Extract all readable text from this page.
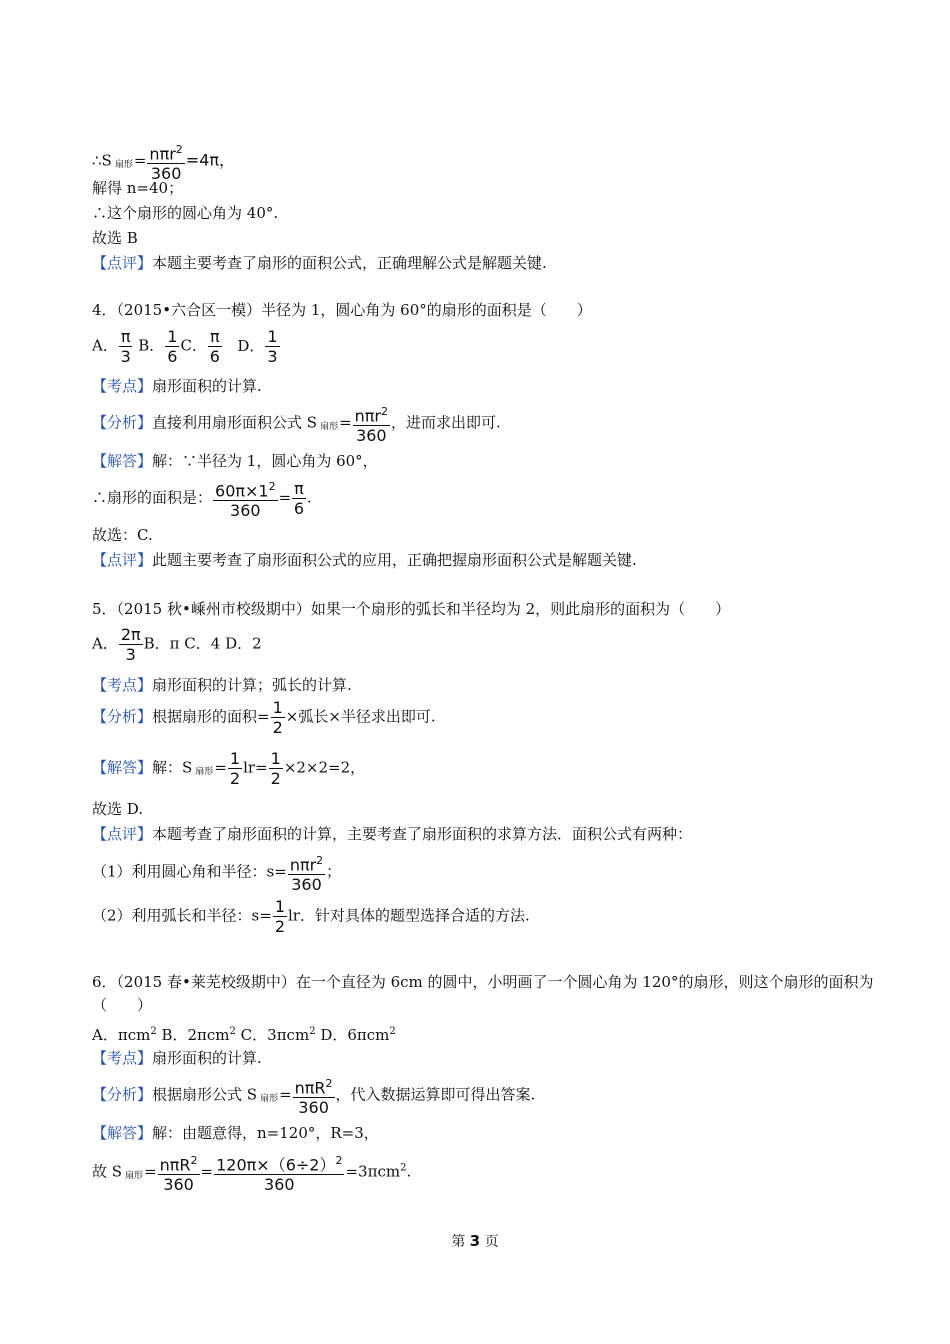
∴S 扇形= $\frac{n\pi r^2}{360} =4\pi$，
解得 n=40；
∴这个扇形的圆心角为 40°.
故选 B
【点评】本题主要考查了扇形的面积公式，正确理解公式是解题关键.
4．（2015•六合区一模）半径为 1，圆心角为 60°的扇形的面积是（　　）
A． $\frac{\pi}{3}$ B． $\frac{1}{6}$ C． $\frac{\pi}{6}$ D． $\frac{1}{3}$
【考点】扇形面积的计算.
【分析】直接利用扇形面积公式 S 扇形= $\frac{n\pi r^2}{360}$ ，进而求出即可.
【解答】解：∵半径为 1，圆心角为 60°，
∴扇形的面积是： $\frac{60\pi\times 1^2}{360} = \frac{\pi}{6}$ .
故选：C.
【点评】此题主要考查了扇形面积公式的应用，正确把握扇形面积公式是解题关键.
5．（2015 秋•嵊州市校级期中）如果一个扇形的弧长和半径均为 2，则此扇形的面积为（　　）
A． $\frac{2\pi}{3}$ B．π C．4 D．2
【考点】扇形面积的计算；弧长的计算.
【分析】根据扇形的面积= $\frac{1}{2}$ ×弧长×半径求出即可.
【解答】解：S 扇形= $\frac{1}{2} lr= \frac{1}{2} \times 2\times 2=2$，
故选 D.
【点评】本题考查了扇形面积的计算，主要考查了扇形面积的求算方法．面积公式有两种：
（1）利用圆心角和半径：$s= \frac{n\pi r^2}{360}$ ；
（2）利用弧长和半径：$s= \frac{1}{2}$ lr．针对具体的题型选择合适的方法.
6．（2015 春•莱芜校级期中）在一个直径为 6cm 的圆中，小明画了一个圆心角为 120°的扇形，则这个扇形的面积为（　　）
A．πcm$^2$ B．2πcm$^2$ C．3πcm$^2$ D．6πcm$^2$
【考点】扇形面积的计算.
【分析】根据扇形公式 S 扇形= $\frac{n\pi R^2}{360}$ ，代入数据运算即可得出答案.
【解答】解：由题意得，n=120°，R=3，
故 S 扇形= $\frac{n\pi R^2}{360} = \frac{120\pi\times(6\div 2)^2}{360} =3\pi cm^2$.
第 3 页
